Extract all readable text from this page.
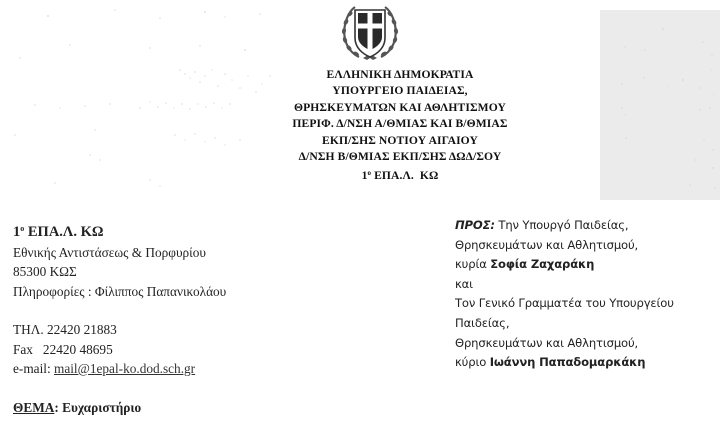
ΕΛΛΗΝΙΚΗ ΔΗΜΟΚΡΑΤΙΑ
ΥΠΟΥΡΓΕΙΟ ΠΑΙΔΕΙΑΣ,
ΘΡΗΣΚΕΥΜΑΤΩΝ ΚΑΙ ΑΘΛΗΤΙΣΜΟΥ
ΠΕΡΙΦ. Δ/ΝΣΗ Α/ΘΜΙΑΣ ΚΑΙ Β/ΘΜΙΑΣ
ΕΚΠ/ΣΗΣ ΝΟΤΙΟΥ ΑΙΓΑΙΟΥ
Δ/ΝΣΗ Β/ΘΜΙΑΣ ΕΚΠ/ΣΗΣ ΔΩΔ/ΣΟΥ
$1^o$ ΕΠΑ.Λ.  ΚΩ
$1^o$ ΕΠΑ.Λ. ΚΩ
Εθνικής Αντιστάσεως & Πορφυρίου
85300 ΚΩΣ
Πληροφορίες : Φίλιππος Παπανικολάου
ΤΗΛ. 22420 21883
Fax   22420 48695
e-mail: mail@1epal-ko.dod.sch.gr
ΠΡΟΣ: Την Υπουργό Παιδείας,
Θρησκευμάτων και Αθλητισμού,
κυρία Σοφία Ζαχαράκη
και
Τον Γενικό Γραμματέα του Υπουργείου
Παιδείας,
Θρησκευμάτων και Αθλητισμού,
κύριο Ιωάννη Παπαδομαρκάκη
ΘΕΜΑ: Ευχαριστήριο
